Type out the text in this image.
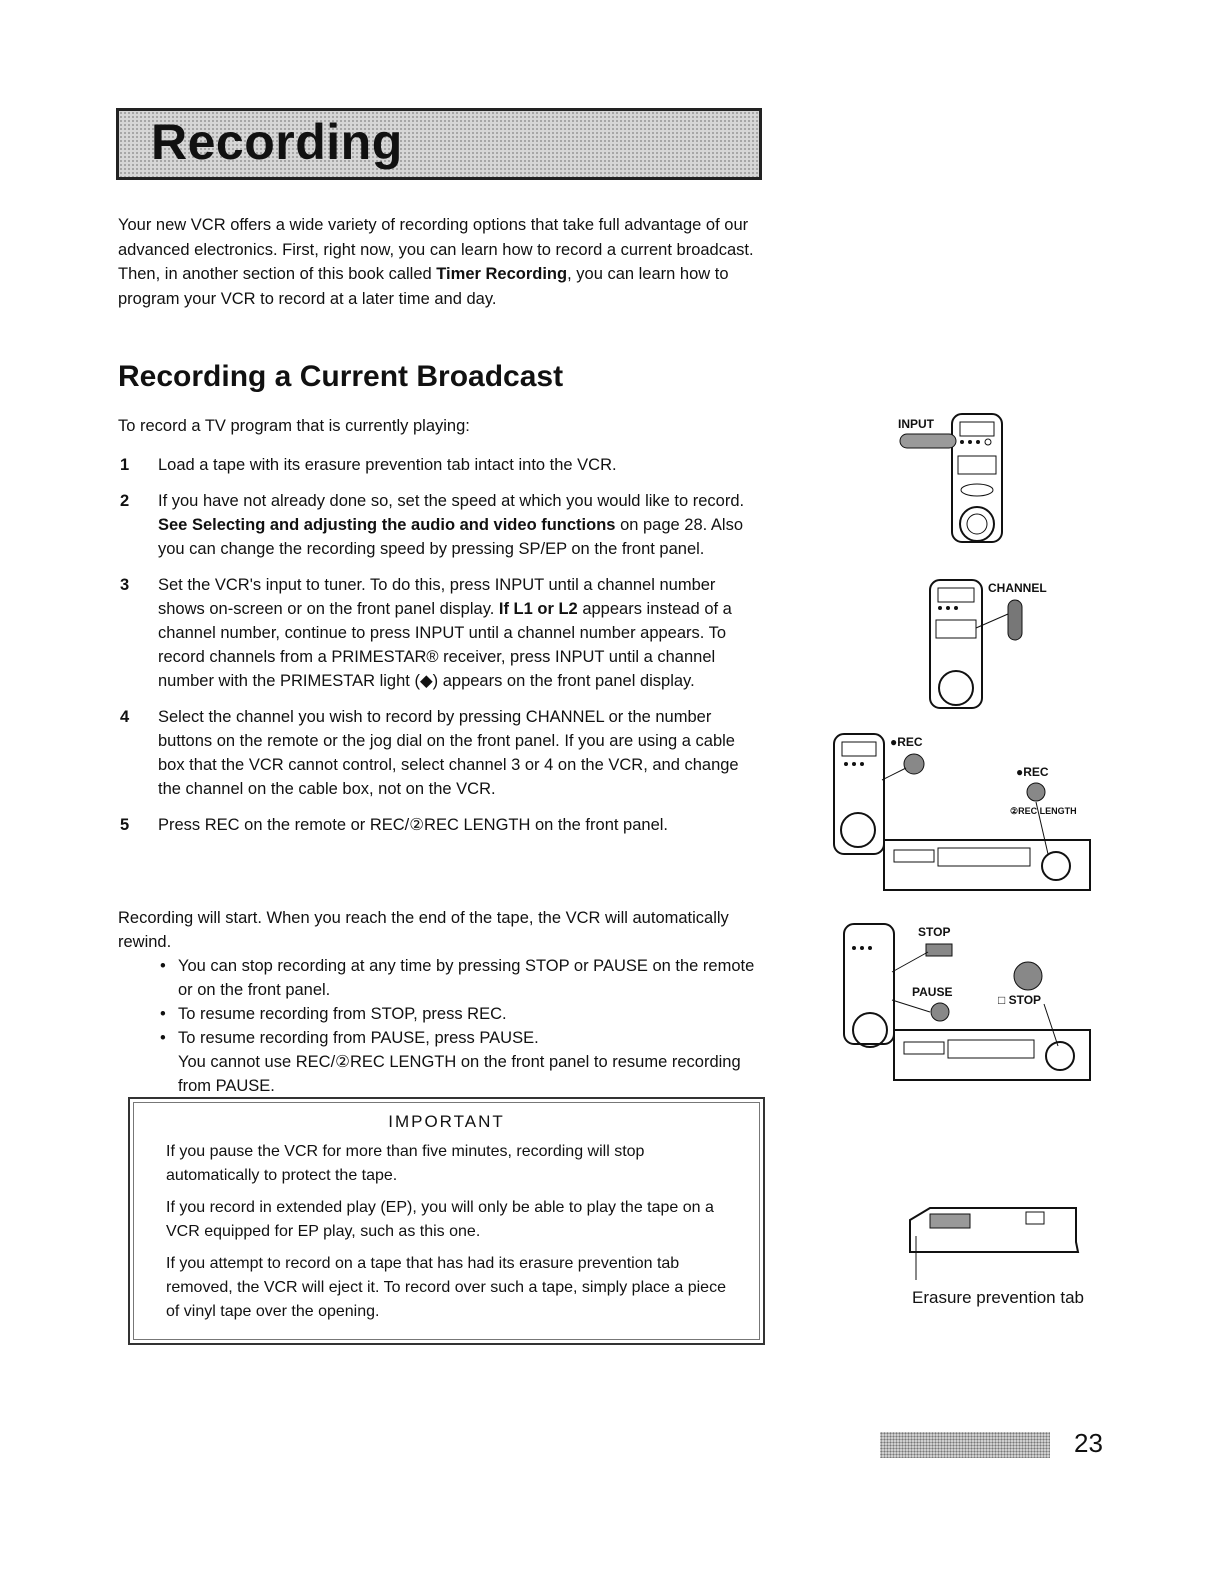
Recording
Your new VCR offers a wide variety of recording options that take full advantage of our advanced electronics. First, right now, you can learn how to record a current broadcast. Then, in another section of this book called Timer Recording, you can learn how to program your VCR to record at a later time and day.
Recording a Current Broadcast
To record a TV program that is currently playing:
1 Load a tape with its erasure prevention tab intact into the VCR.
2 If you have not already done so, set the speed at which you would like to record. See Selecting and adjusting the audio and video functions on page 28. Also you can change the recording speed by pressing SP/EP on the front panel.
3 Set the VCR's input to tuner. To do this, press INPUT until a channel number shows on-screen or on the front panel display. If L1 or L2 appears instead of a channel number, continue to press INPUT until a channel number appears. To record channels from a PRIMESTAR® receiver, press INPUT until a channel number with the PRIMESTAR light (◆) appears on the front panel display.
4 Select the channel you wish to record by pressing CHANNEL or the number buttons on the remote or the jog dial on the front panel. If you are using a cable box that the VCR cannot control, select channel 3 or 4 on the VCR, and change the channel on the cable box, not on the VCR.
5 Press REC on the remote or REC/②REC LENGTH on the front panel.
Recording will start. When you reach the end of the tape, the VCR will automatically rewind.
• You can stop recording at any time by pressing STOP or PAUSE on the remote or on the front panel.
• To resume recording from STOP, press REC.
• To resume recording from PAUSE, press PAUSE.
You cannot use REC/②REC LENGTH on the front panel to resume recording from PAUSE.
IMPORTANT

If you pause the VCR for more than five minutes, recording will stop automatically to protect the tape.

If you record in extended play (EP), you will only be able to play the tape on a VCR equipped for EP play, such as this one.

If you attempt to record on a tape that has had its erasure prevention tab removed, the VCR will eject it. To record over such a tape, simply place a piece of vinyl tape over the opening.

INPUT
CHANNEL
●REC
●REC
②REC LENGTH
STOP
PAUSE
□ STOP
Erasure prevention tab
23
